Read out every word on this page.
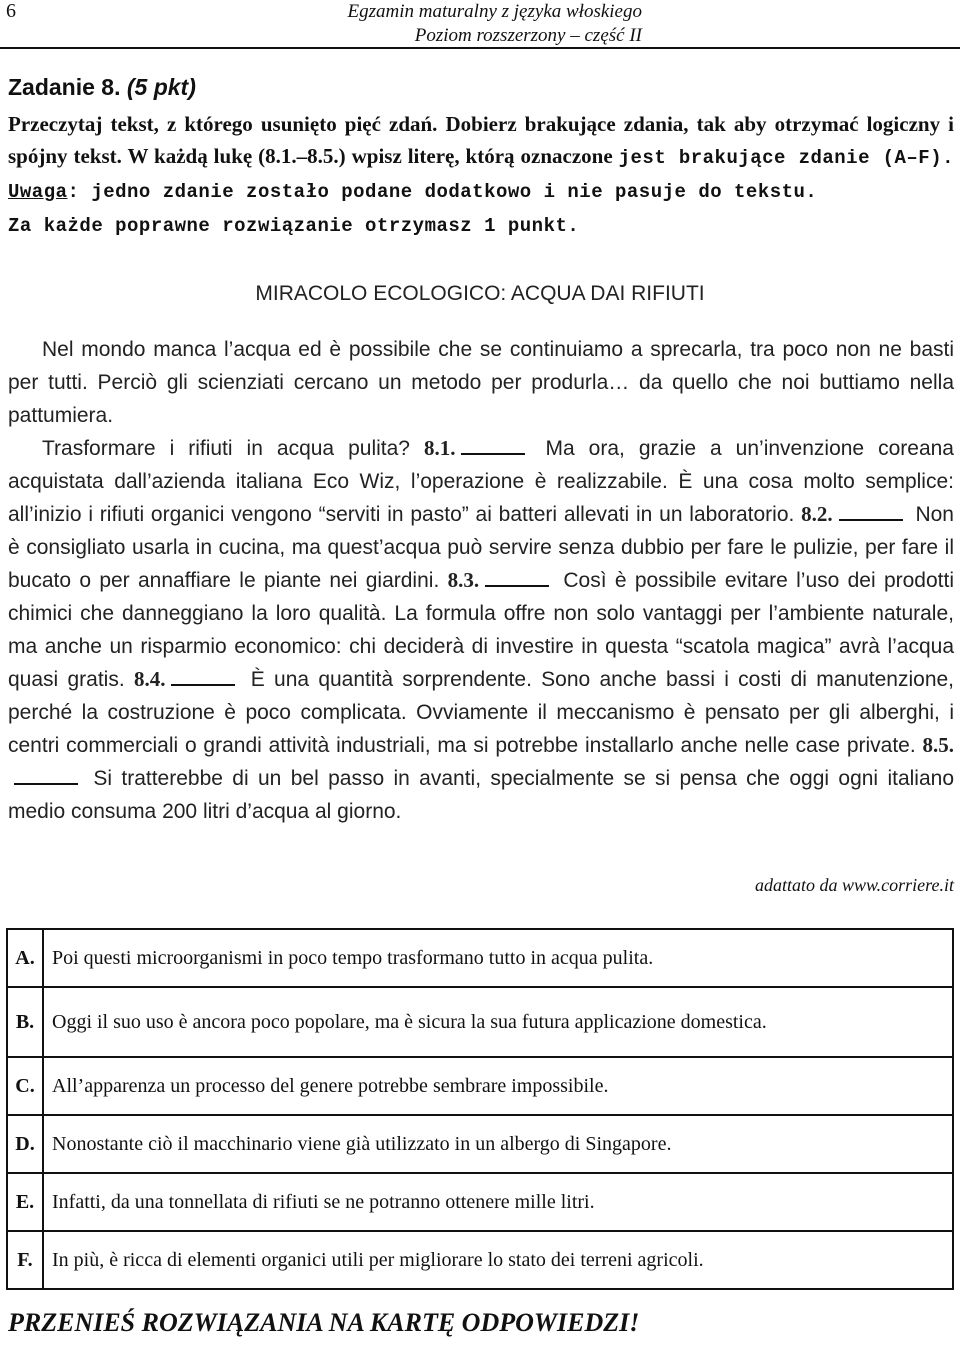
6	Egzamin maturalny z języka włoskiego
Poziom rozszerzony – część II
Zadanie 8. (5 pkt)
Przeczytaj tekst, z którego usunięto pięć zdań. Dobierz brakujące zdania, tak aby otrzymać logiczny i spójny tekst. W każdą lukę (8.1.–8.5.) wpisz literę, którą oznaczone jest brakujące zdanie (A–F). Uwaga: jedno zdanie zostało podane dodatkowo i nie pasuje do tekstu.
Za każde poprawne rozwiązanie otrzymasz 1 punkt.
MIRACOLO ECOLOGICO: ACQUA DAI RIFIUTI

Nel mondo manca l’acqua ed è possibile che se continuiamo a sprecarla, tra poco non ne basti per tutti. Perciò gli scienziati cercano un metodo per produrla… da quello che noi buttiamo nella pattumiera.

Trasformare i rifiuti in acqua pulita? 8.1.	Ma ora, grazie a un’invenzione coreana acquistata dall’azienda italiana Eco Wiz, l’operazione è realizzabile. È una cosa molto semplice: all’inizio i rifiuti organici vengono “serviti in pasto” ai batteri allevati in un laboratorio. 8.2.	Non è consigliato usarla in cucina, ma quest’acqua può servire senza dubbio per fare le pulizie, per fare il bucato o per annaffiare le piante nei giardini. 8.3.	Così è possibile evitare l’uso dei prodotti chimici che danneggiano la loro qualità. La formula offre non solo vantaggi per l’ambiente naturale, ma anche un risparmio economico: chi deciderà di investire in questa “scatola magica” avrà l’acqua quasi gratis. 8.4.	È una quantità sorprendente. Sono anche bassi i costi di manutenzione, perché la costruzione è poco complicata. Ovviamente il meccanismo è pensato per gli alberghi, i centri commerciali o grandi attività industriali, ma si potrebbe installarlo anche nelle case private. 8.5. Si tratterebbe di un bel passo in avanti, specialmente se si pensa che oggi ogni italiano medio consuma 200 litri d’acqua al giorno.

adattato da www.corriere.it
A.	Poi questi microorganismi in poco tempo trasformano tutto in acqua pulita.
B.	Oggi il suo uso è ancora poco popolare, ma è sicura la sua futura applicazione domestica.
C.	All’apparenza un processo del genere potrebbe sembrare impossibile.
D.	Nonostante ciò il macchinario viene già utilizzato in un albergo di Singapore.
E.	Infatti, da una tonnellata di rifiuti se ne potranno ottenere mille litri.
F.	In più, è ricca di elementi organici utili per migliorare lo stato dei terreni agricoli.
PRZENIEŚ ROZWIĄZANIA NA KARTĘ ODPOWIEDZI!
